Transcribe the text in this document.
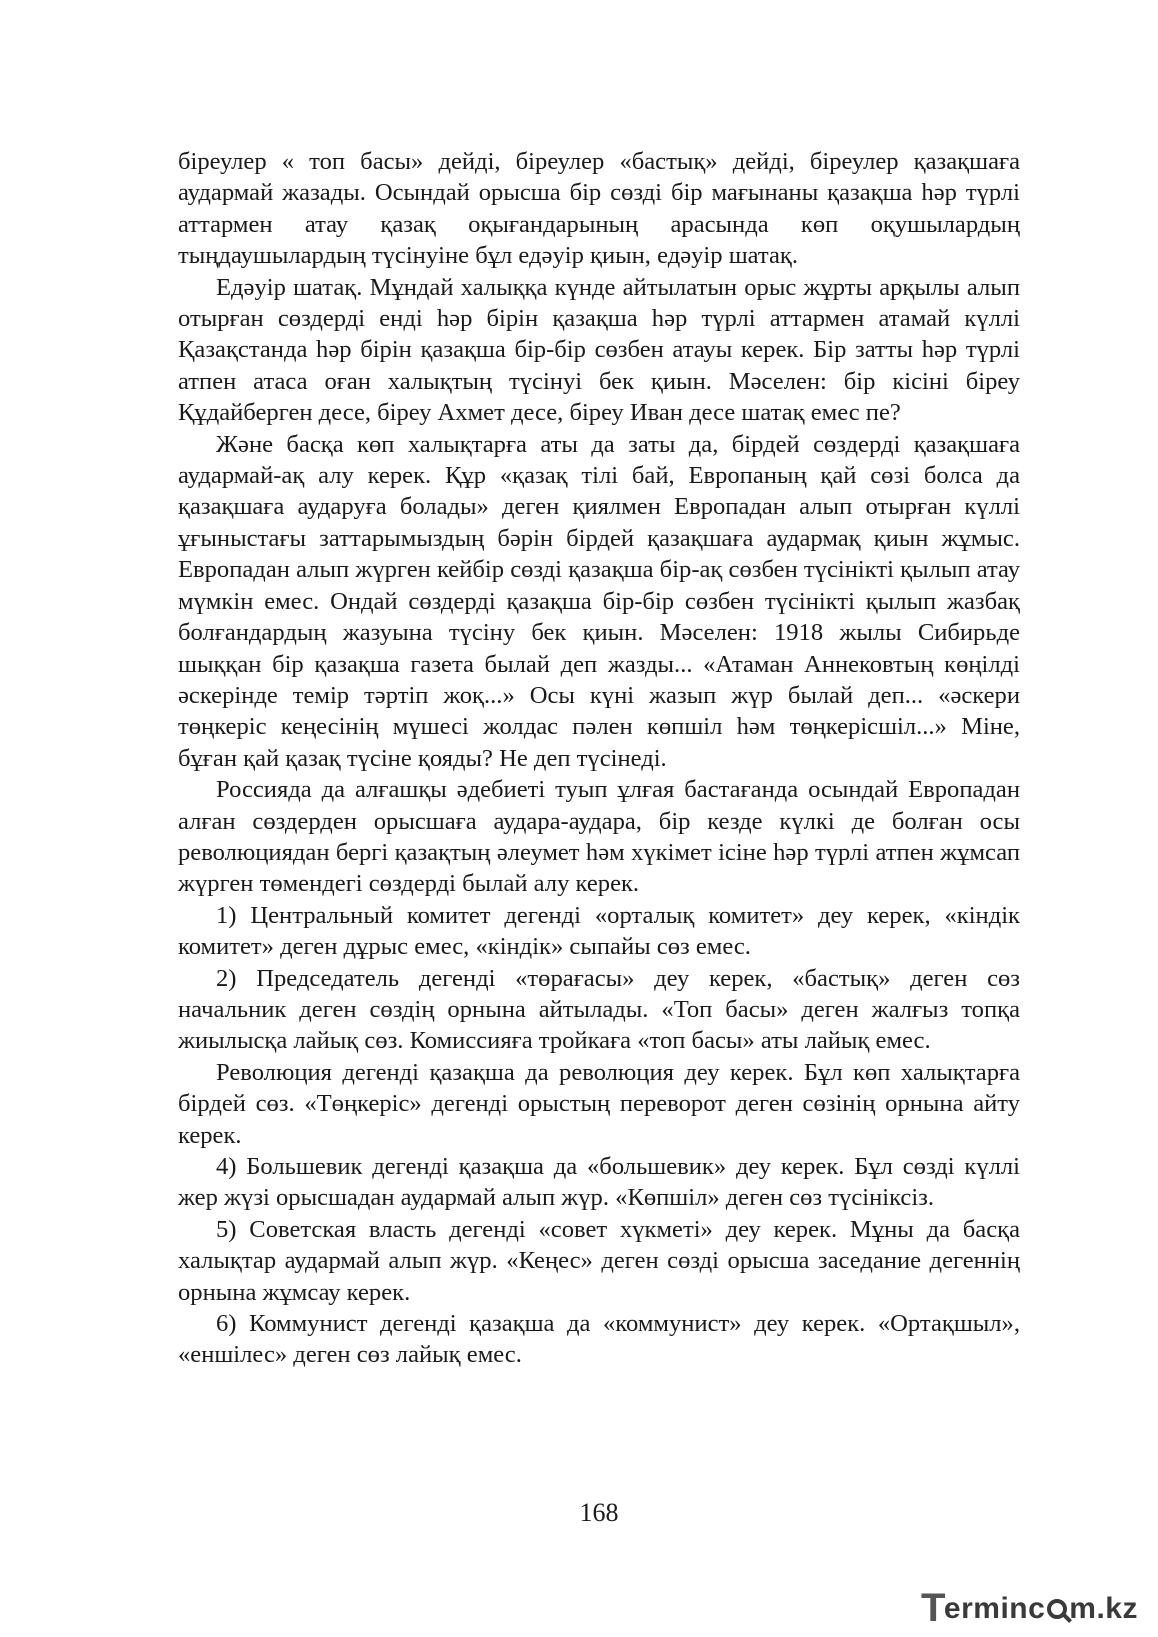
біреулер « топ басы» дейді, біреулер «бастық» дейді, біреулер қазақшаға аудармай жазады. Осындай орысша бір сөзді бір мағынаны қазақша һәр түрлі аттармен атау қазақ оқығандарының арасында көп оқушылардың тыңдаушылардың түсінуіне бұл едәуір қиын, едәуір шатақ.

Едәуір шатақ. Мұндай халыққа күнде айтылатын орыс жұрты арқылы алып отырған сөздерді енді һәр бірін қазақша һәр түрлі аттармен атамай күллі Қазақстанда һәр бірін қазақша бір-бір сөзбен атауы керек. Бір затты һәр түрлі атпен атаса оған халықтың түсінуі бек қиын. Мәселен: бір кісіні біреу Құдайберген десе, біреу Ахмет десе, біреу Иван десе шатақ емес пе?

Және басқа көп халықтарға аты да заты да, бірдей сөздерді қазақшаға аудармай-ақ алу керек. Құр «қазақ тілі бай, Европаның қай сөзі болса да қазақшаға аударуға болады» деген қиялмен Европадан алып отырған күллі ұғыныстағы заттарымыздың бәрін бірдей қазақшаға аудармақ қиын жұмыс. Европадан алып жүрген кейбір сөзді қазақша бір-ақ сөзбен түсінікті қылып атау мүмкін емес. Ондай сөздерді қазақша бір-бір сөзбен түсінікті қылып жазбақ болғандардың жазуына түсіну бек қиын. Мәселен: 1918 жылы Сибирьде шыққан бір қазақша газета былай деп жазды... «Атаман Аннековтың көңілді әскерінде темір тәртіп жоқ...» Осы күні жазып жүр былай деп... «әскери төңкеріс кеңесінің мүшесі жолдас пәлен көпшіл һәм төңкерісшіл...» Міне, бұған қай қазақ түсіне қояды? Не деп түсінеді.

Россияда да алғашқы әдебиеті туып ұлғая бастағанда осындай Европадан алған сөздерден орысшаға аудара-аудара, бір кезде күлкі де болған осы революциядан бергі қазақтың әлеумет һәм хүкімет ісіне һәр түрлі атпен жұмсап жүрген төмендегі сөздерді былай алу керек.

1) Центральный комитет дегенді «орталық комитет» деу керек, «кіндік комитет» деген дұрыс емес, «кіндік» сыпайы сөз емес.

2) Председатель дегенді «төрағасы» деу керек, «бастық» деген сөз начальник деген сөздің орнына айтылады. «Топ басы» деген жалғыз топқа жиылысқа лайық сөз. Комиссияға тройкаға «топ басы» аты лайық емес.

Революция дегенді қазақша да революция деу керек. Бұл көп халықтарға бірдей сөз. «Төңкеріс» дегенді орыстың переворот деген сөзінің орнына айту керек.

4) Большевик дегенді қазақша да «большевик» деу керек. Бұл сөзді күллі жер жүзі орысшадан аудармай алып жүр. «Көпшіл» деген сөз түсініксіз.

5) Советская власть дегенді «совет хүкметі» деу керек. Мұны да басқа халықтар аудармай алып жүр. «Кеңес» деген сөзді орысша заседание дегеннің орнына жұмсау керек.

6) Коммунист дегенді қазақша да «коммунист» деу керек. «Ортақшыл», «еншілес» деген сөз лайық емес.

168
T
erminc m.kz
